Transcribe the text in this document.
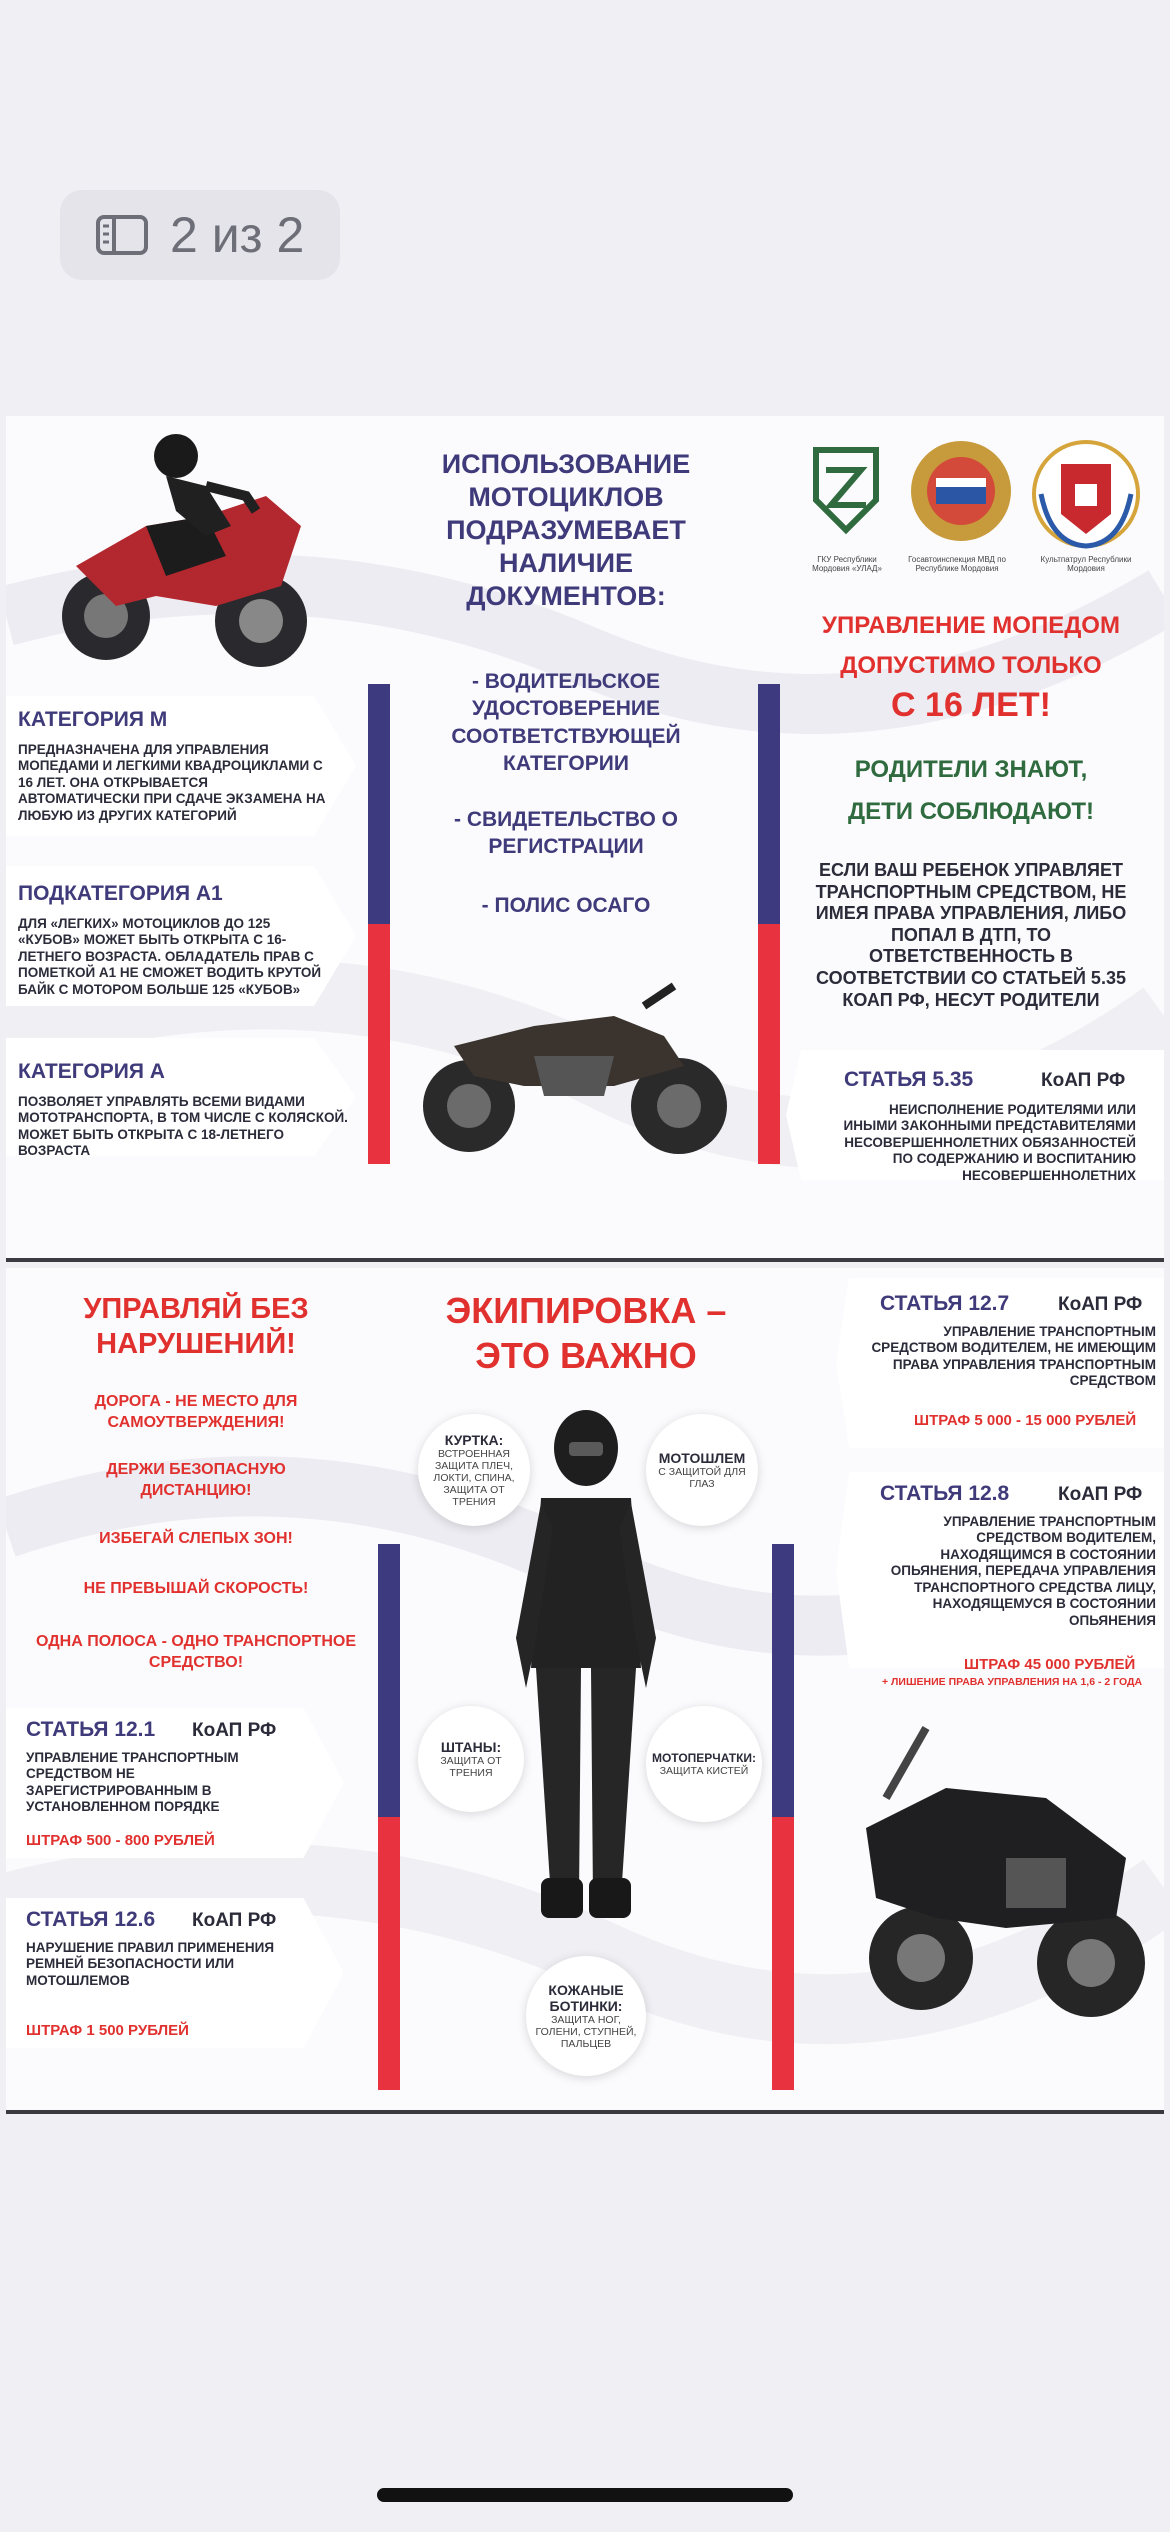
2 из 2
КАТЕГОРИЯ М
ПРЕДНАЗНАЧЕНА ДЛЯ УПРАВЛЕНИЯ МОПЕДАМИ И ЛЕГКИМИ КВАДРОЦИКЛАМИ С 16 ЛЕТ. ОНА ОТКРЫВАЕТСЯ АВТОМАТИЧЕСКИ ПРИ СДАЧЕ ЭКЗАМЕНА НА ЛЮБУЮ ИЗ ДРУГИХ КАТЕГОРИЙ
ПОДКАТЕГОРИЯ А1
ДЛЯ «ЛЕГКИХ» МОТОЦИКЛОВ ДО 125 «КУБОВ» МОЖЕТ БЫТЬ ОТКРЫТА С 16-ЛЕТНЕГО ВОЗРАСТА. ОБЛАДАТЕЛЬ ПРАВ С ПОМЕТКОЙ А1 НЕ СМОЖЕТ ВОДИТЬ КРУТОЙ БАЙК С МОТОРОМ БОЛЬШЕ 125 «КУБОВ»
КАТЕГОРИЯ А
ПОЗВОЛЯЕТ УПРАВЛЯТЬ ВСЕМИ ВИДАМИ МОТОТРАНСПОРТА, В ТОМ ЧИСЛЕ С КОЛЯСКОЙ. МОЖЕТ БЫТЬ ОТКРЫТА С 18-ЛЕТНЕГО ВОЗРАСТА
ИСПОЛЬЗОВАНИЕ МОТОЦИКЛОВ ПОДРАЗУМЕВАЕТ НАЛИЧИЕ ДОКУМЕНТОВ:
- ВОДИТЕЛЬСКОЕ УДОСТОВЕРЕНИЕ СООТВЕТСТВУЮЩЕЙ КАТЕГОРИИ
- СВИДЕТЕЛЬСТВО О РЕГИСТРАЦИИ
- ПОЛИС ОСАГО
ГКУ Республики Мордовия «УЛАД»
Госавтоинспекция МВД по Республике Мордовия
Культпатрул Республики Мордовия
УПРАВЛЕНИЕ МОПЕДОМ
ДОПУСТИМО ТОЛЬКО
С 16 ЛЕТ!
РОДИТЕЛИ ЗНАЮТ,
ДЕТИ СОБЛЮДАЮТ!
ЕСЛИ ВАШ РЕБЕНОК УПРАВЛЯЕТ ТРАНСПОРТНЫМ СРЕДСТВОМ, НЕ ИМЕЯ ПРАВА УПРАВЛЕНИЯ, ЛИБО ПОПАЛ В ДТП, ТО ОТВЕТСТВЕННОСТЬ В СООТВЕТСТВИИ СО СТАТЬЕЙ 5.35 КОАП РФ, НЕСУТ РОДИТЕЛИ
СТАТЬЯ 5.35	КоАП РФ
НЕИСПОЛНЕНИЕ РОДИТЕЛЯМИ ИЛИ ИНЫМИ ЗАКОННЫМИ ПРЕДСТАВИТЕЛЯМИ НЕСОВЕРШЕННОЛЕТНИХ ОБЯЗАННОСТЕЙ ПО СОДЕРЖАНИЮ И ВОСПИТАНИЮ НЕСОВЕРШЕННОЛЕТНИХ
УПРАВЛЯЙ БЕЗ НАРУШЕНИЙ!
ДОРОГА - НЕ МЕСТО ДЛЯ САМОУТВЕРЖДЕНИЯ!
ДЕРЖИ БЕЗОПАСНУЮ ДИСТАНЦИЮ!
ИЗБЕГАЙ СЛЕПЫХ ЗОН!
НЕ ПРЕВЫШАЙ СКОРОСТЬ!
ОДНА ПОЛОСА - ОДНО ТРАНСПОРТНОЕ СРЕДСТВО!
СТАТЬЯ 12.1 КоАП РФ
УПРАВЛЕНИЕ ТРАНСПОРТНЫМ СРЕДСТВОМ НЕ ЗАРЕГИСТРИРОВАННЫМ В УСТАНОВЛЕННОМ ПОРЯДКЕ
ШТРАФ 500 - 800 РУБЛЕЙ
СТАТЬЯ 12.6 КоАП РФ
НАРУШЕНИЕ ПРАВИЛ ПРИМЕНЕНИЯ РЕМНЕЙ БЕЗОПАСНОСТИ ИЛИ МОТОШЛЕМОВ
ШТРАФ 1 500 РУБЛЕЙ
ЭКИПИРОВКА – ЭТО ВАЖНО
КУРТКА:
ВСТРОЕННАЯ ЗАЩИТА ПЛЕЧ, ЛОКТИ, СПИНА, ЗАЩИТА ОТ ТРЕНИЯ
МОТОШЛЕМ
С ЗАЩИТОЙ ДЛЯ ГЛАЗ
ШТАНЫ:
ЗАЩИТА ОТ ТРЕНИЯ
МОТОПЕРЧАТКИ:
ЗАЩИТА КИСТЕЙ
КОЖАНЫЕ БОТИНКИ:
ЗАЩИТА НОГ, ГОЛЕНИ, СТУПНЕЙ, ПАЛЬЦЕВ
СТАТЬЯ 12.7	КоАП РФ
УПРАВЛЕНИЕ ТРАНСПОРТНЫМ СРЕДСТВОМ ВОДИТЕЛЕМ, НЕ ИМЕЮЩИМ ПРАВА УПРАВЛЕНИЯ ТРАНСПОРТНЫМ СРЕДСТВОМ
ШТРАФ 5 000 - 15 000 РУБЛЕЙ
СТАТЬЯ 12.8	КоАП РФ
УПРАВЛЕНИЕ ТРАНСПОРТНЫМ СРЕДСТВОМ ВОДИТЕЛЕМ, НАХОДЯЩИМСЯ В СОСТОЯНИИ ОПЬЯНЕНИЯ, ПЕРЕДАЧА УПРАВЛЕНИЯ ТРАНСПОРТНОГО СРЕДСТВА ЛИЦУ, НАХОДЯЩЕМУСЯ В СОСТОЯНИИ ОПЬЯНЕНИЯ
ШТРАФ 45 000 РУБЛЕЙ
+ ЛИШЕНИЕ ПРАВА УПРАВЛЕНИЯ НА 1,6 - 2 ГОДА
